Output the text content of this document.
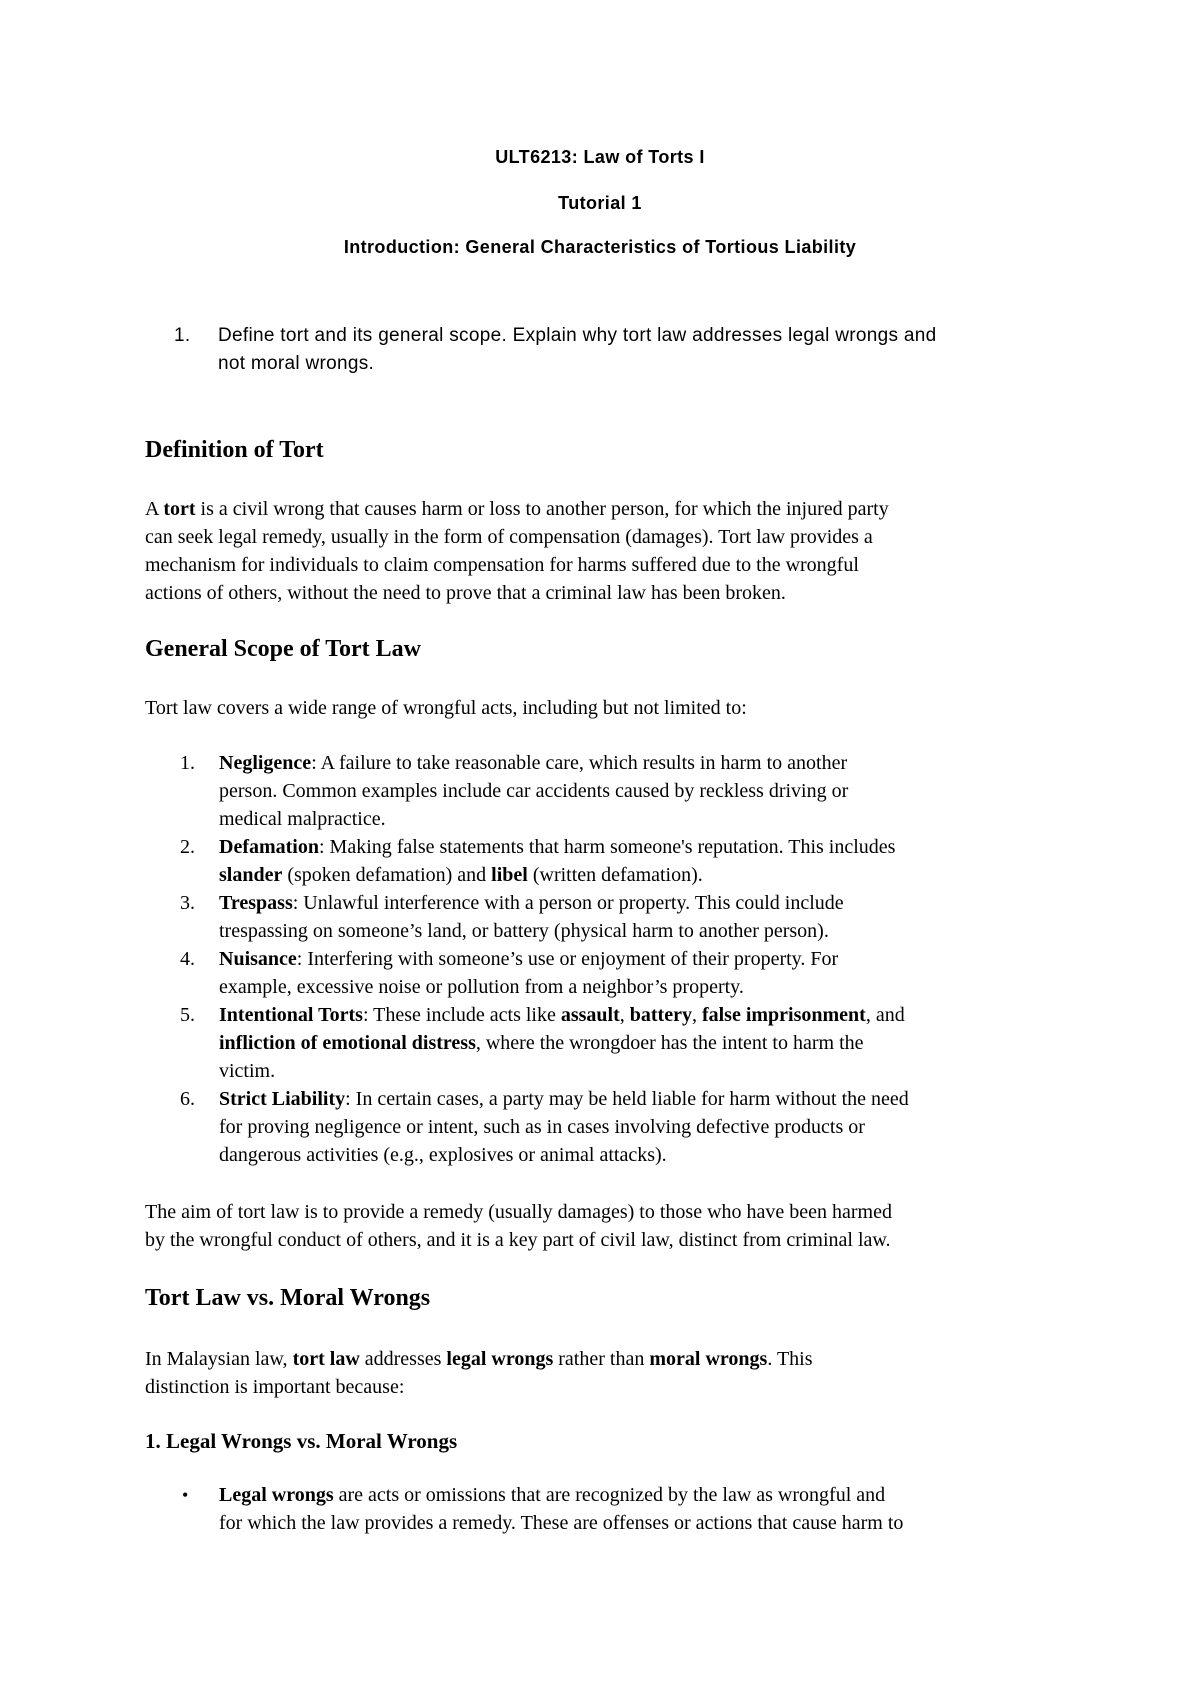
ULT6213: Law of Torts I
Tutorial 1
Introduction: General Characteristics of Tortious Liability
1.	Define tort and its general scope. Explain why tort law addresses legal wrongs and
not moral wrongs.
Definition of Tort
A tort is a civil wrong that causes harm or loss to another person, for which the injured party
can seek legal remedy, usually in the form of compensation (damages). Tort law provides a
mechanism for individuals to claim compensation for harms suffered due to the wrongful
actions of others, without the need to prove that a criminal law has been broken.
General Scope of Tort Law
Tort law covers a wide range of wrongful acts, including but not limited to:
1. Negligence: A failure to take reasonable care, which results in harm to another
person. Common examples include car accidents caused by reckless driving or
medical malpractice.
2. Defamation: Making false statements that harm someone's reputation. This includes
slander (spoken defamation) and libel (written defamation).
3. Trespass: Unlawful interference with a person or property. This could include
trespassing on someone’s land, or battery (physical harm to another person).
4. Nuisance: Interfering with someone’s use or enjoyment of their property. For
example, excessive noise or pollution from a neighbor’s property.
5. Intentional Torts: These include acts like assault, battery, false imprisonment, and
infliction of emotional distress, where the wrongdoer has the intent to harm the
victim.
6. Strict Liability: In certain cases, a party may be held liable for harm without the need
for proving negligence or intent, such as in cases involving defective products or
dangerous activities (e.g., explosives or animal attacks).
The aim of tort law is to provide a remedy (usually damages) to those who have been harmed
by the wrongful conduct of others, and it is a key part of civil law, distinct from criminal law.
Tort Law vs. Moral Wrongs
In Malaysian law, tort law addresses legal wrongs rather than moral wrongs. This
distinction is important because:
1. Legal Wrongs vs. Moral Wrongs
• Legal wrongs are acts or omissions that are recognized by the law as wrongful and
for which the law provides a remedy. These are offenses or actions that cause harm to
